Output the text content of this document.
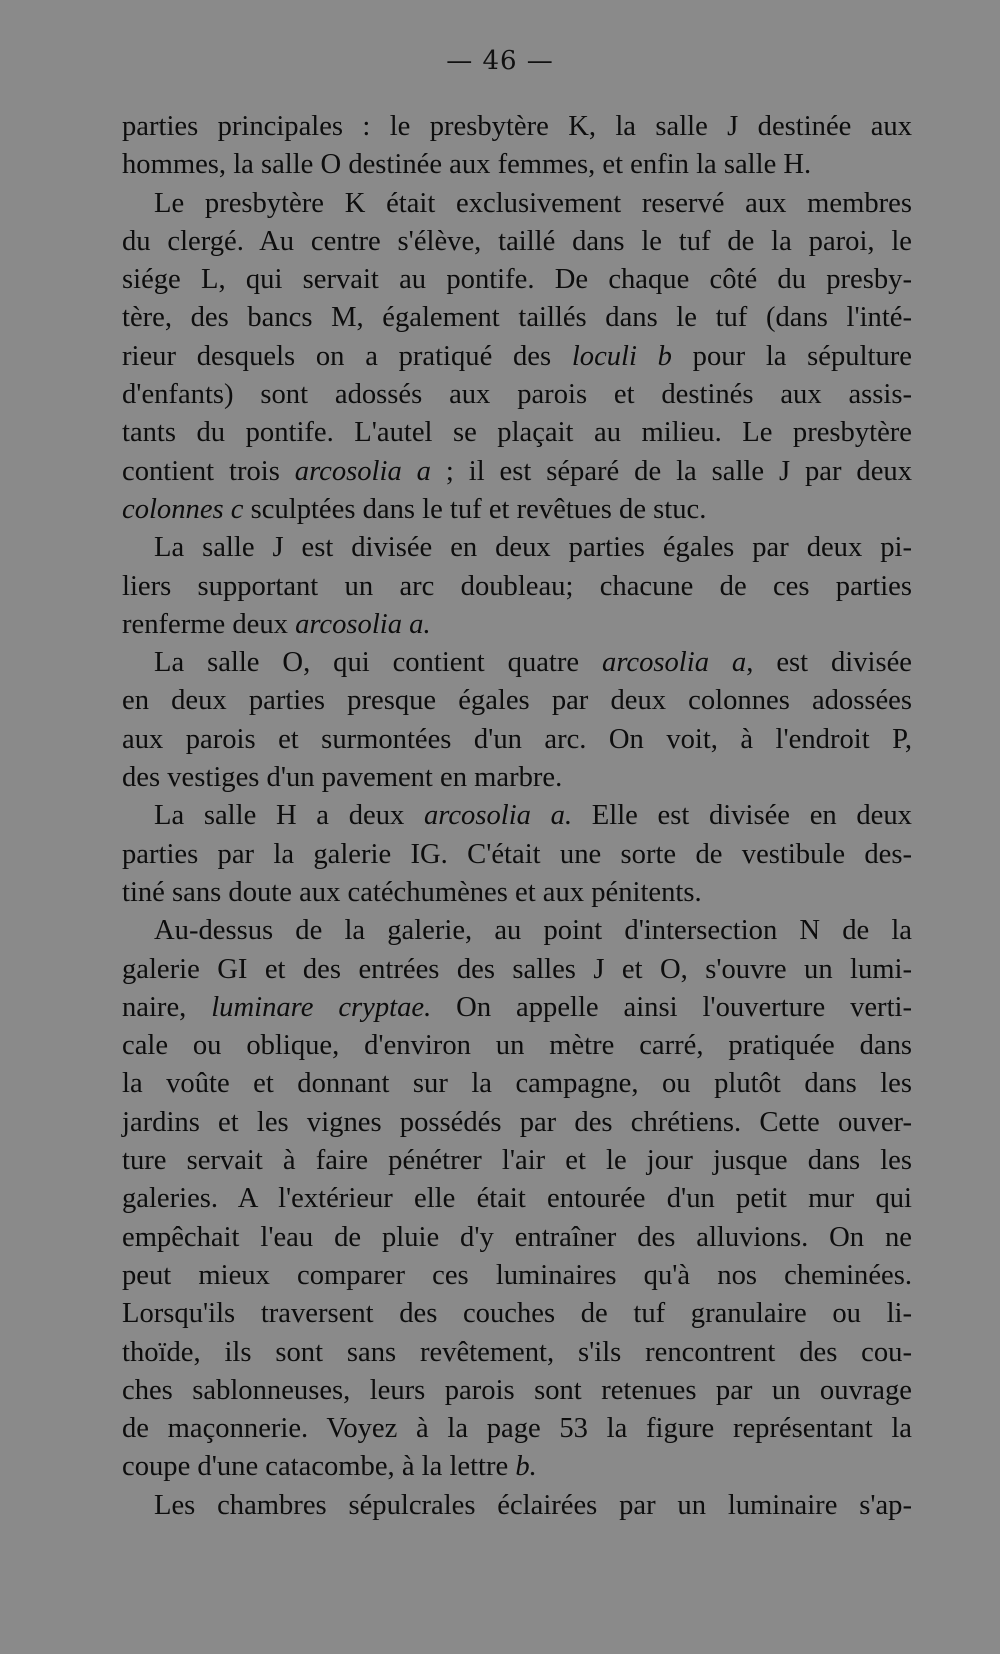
— 46 —
parties principales : le presbytère K, la salle J destinée aux
hommes, la salle O destinée aux femmes, et enfin la salle H.
Le presbytère K était exclusivement reservé aux membres
du clergé. Au centre s'élève, taillé dans le tuf de la paroi, le
siége L, qui servait au pontife. De chaque côté du presby-
tère, des bancs M, également taillés dans le tuf (dans l'inté-
rieur desquels on a pratiqué des loculi b pour la sépulture
d'enfants) sont adossés aux parois et destinés aux assis-
tants du pontife. L'autel se plaçait au milieu. Le presbytère
contient trois arcosolia a ; il est séparé de la salle J par deux
colonnes c sculptées dans le tuf et revêtues de stuc.
La salle J est divisée en deux parties égales par deux pi-
liers supportant un arc doubleau; chacune de ces parties
renferme deux arcosolia a.
La salle O, qui contient quatre arcosolia a, est divisée
en deux parties presque égales par deux colonnes adossées
aux parois et surmontées d'un arc. On voit, à l'endroit P,
des vestiges d'un pavement en marbre.
La salle H a deux arcosolia a. Elle est divisée en deux
parties par la galerie IG. C'était une sorte de vestibule des-
tiné sans doute aux catéchumènes et aux pénitents.
Au-dessus de la galerie, au point d'intersection N de la
galerie GI et des entrées des salles J et O, s'ouvre un lumi-
naire, luminare cryptae. On appelle ainsi l'ouverture verti-
cale ou oblique, d'environ un mètre carré, pratiquée dans
la voûte et donnant sur la campagne, ou plutôt dans les
jardins et les vignes possédés par des chrétiens. Cette ouver-
ture servait à faire pénétrer l'air et le jour jusque dans les
galeries. A l'extérieur elle était entourée d'un petit mur qui
empêchait l'eau de pluie d'y entraîner des alluvions. On ne
peut mieux comparer ces luminaires qu'à nos cheminées.
Lorsqu'ils traversent des couches de tuf granulaire ou li-
thoïde, ils sont sans revêtement, s'ils rencontrent des cou-
ches sablonneuses, leurs parois sont retenues par un ouvrage
de maçonnerie. Voyez à la page 53 la figure représentant la
coupe d'une catacombe, à la lettre b.
Les chambres sépulcrales éclairées par un luminaire s'ap-
